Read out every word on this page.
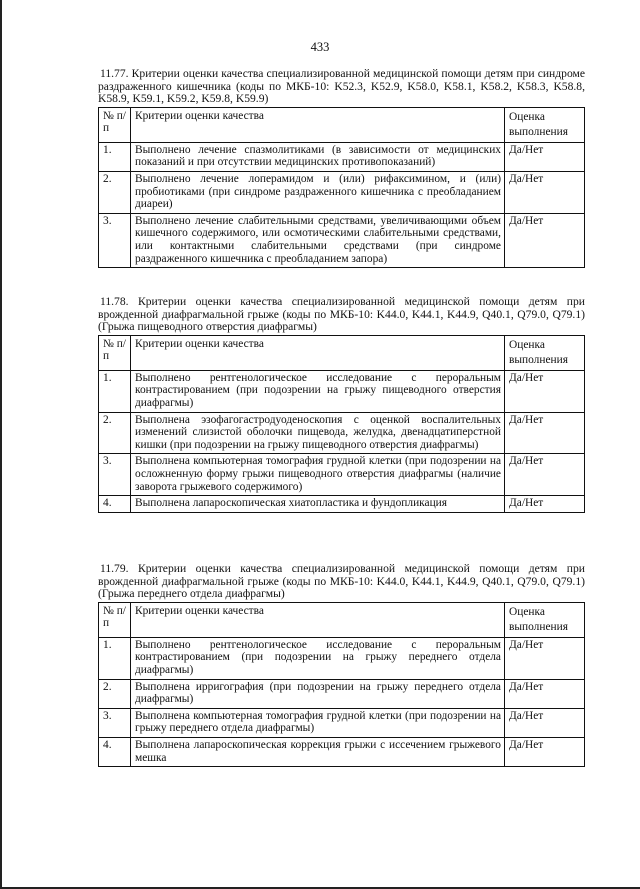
433

11.77. Критерии оценки качества специализированной медицинской помощи детям при синдроме раздраженного кишечника (коды по МКБ-10: K52.3, K52.9, K58.0, K58.1, K58.2, K58.3, K58.8, K58.9, K59.1, K59.2, K59.8, K59.9)

№ п/п	Критерии оценки качества	Оценка выполнения
1.	Выполнено лечение спазмолитиками (в зависимости от медицинских показаний и при отсутствии медицинских противопоказаний)	Да/Нет
2.	Выполнено лечение лоперамидом и (или) рифаксимином, и (или) пробиотиками (при синдроме раздраженного кишечника с преобладанием диареи)	Да/Нет
3.	Выполнено лечение слабительными средствами, увеличивающими объем кишечного содержимого, или осмотическими слабительными средствами, или контактными слабительными средствами (при синдроме раздраженного кишечника с преобладанием запора)	Да/Нет

11.78. Критерии оценки качества специализированной медицинской помощи детям при врожденной диафрагмальной грыже (коды по МКБ-10: K44.0, K44.1, K44.9, Q40.1, Q79.0, Q79.1) (Грыжа пищеводного отверстия диафрагмы)

№ п/п	Критерии оценки качества	Оценка выполнения
1.	Выполнено рентгенологическое исследование с пероральным контрастированием (при подозрении на грыжу пищеводного отверстия диафрагмы)	Да/Нет
2.	Выполнена эзофагогастродуоденоскопия с оценкой воспалительных изменений слизистой оболочки пищевода, желудка, двенадцатиперстной кишки (при подозрении на грыжу пищеводного отверстия диафрагмы)	Да/Нет
3.	Выполнена компьютерная томография грудной клетки (при подозрении на осложненную форму грыжи пищеводного отверстия диафрагмы (наличие заворота грыжевого содержимого)	Да/Нет
4.	Выполнена лапароскопическая хиатопластика и фундопликация	Да/Нет

11.79. Критерии оценки качества специализированной медицинской помощи детям при врожденной диафрагмальной грыже (коды по МКБ-10: K44.0, K44.1, K44.9, Q40.1, Q79.0, Q79.1) (Грыжа переднего отдела диафрагмы)

№ п/п	Критерии оценки качества	Оценка выполнения
1.	Выполнено рентгенологическое исследование с пероральным контрастированием (при подозрении на грыжу переднего отдела диафрагмы)	Да/Нет
2.	Выполнена ирригография (при подозрении на грыжу переднего отдела диафрагмы)	Да/Нет
3.	Выполнена компьютерная томография грудной клетки (при подозрении на грыжу переднего отдела диафрагмы)	Да/Нет
4.	Выполнена лапароскопическая коррекция грыжи с иссечением грыжевого мешка	Да/Нет
